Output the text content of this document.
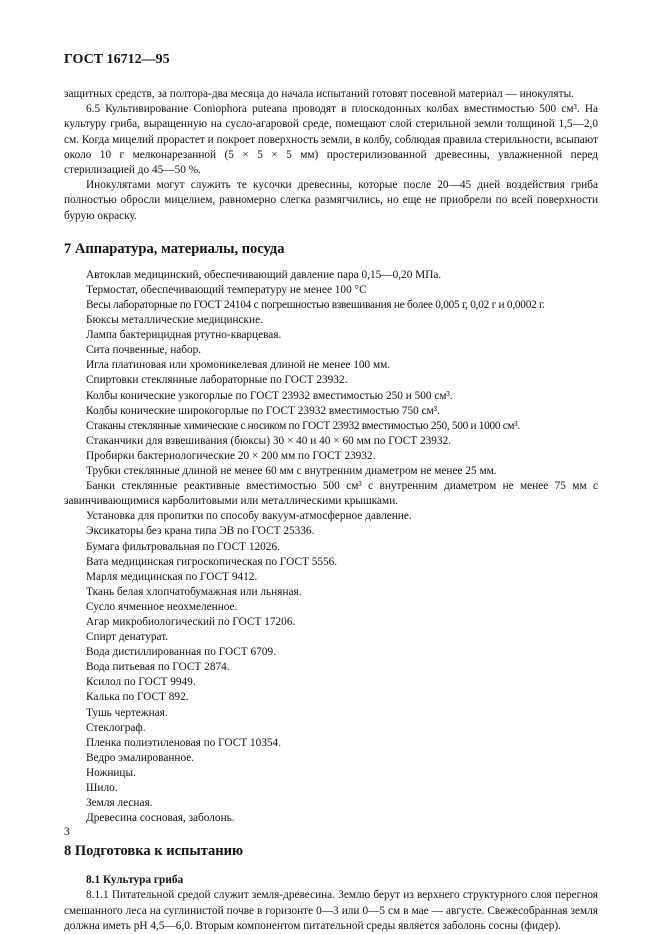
ГОСТ 16712—95

защитных средств, за полтора-два месяца до начала испытаний готовят посевной материал — инокуляты.

6.5 Культивирование Coniophora puteana проводят в плоскодонных колбах вместимостью 500 см³. На культуру гриба, выращенную на сусло-агаровой среде, помещают слой стерильной земли толщиной 1,5—2,0 см. Когда мицелий прорастет и покроет поверхность земли, в колбу, соблюдая правила стерильности, всыпают около 10 г мелконарезанной (5 × 5 × 5 мм) простерилизованной древесины, увлажненной перед стерилизацией до 45—50 %.

Инокулятами могут служить те кусочки древесины, которые после 20—45 дней воздействия гриба полностью обросли мицелием, равномерно слегка размягчились, но еще не приобрели по всей поверхности бурую окраску.

7 Аппаратура, материалы, посуда
Автоклав медицинский, обеспечивающий давление пара 0,15—0,20 МПа.
Термостат, обеспечивающий температуру не менее 100 °С
Весы лабораторные по ГОСТ 24104 с погрешностью взвешивания не более 0,005 г, 0,02 г и 0,0002 г.
Бюксы металлические медицинские.
Лампа бактерицидная ртутно-кварцевая.
Сита почвенные, набор.
Игла платиновая или хромоникелевая длиной не менее 100 мм.
Спиртовки стеклянные лабораторные по ГОСТ 23932.
Колбы конические узкогорлые по ГОСТ 23932 вместимостью 250 и 500 см³.
Колбы конические широкогорлые по ГОСТ 23932 вместимостью 750 см³.
Стаканы стеклянные химические с носиком по ГОСТ 23932 вместимостью 250, 500 и 1000 см³.
Стаканчики для взвешивания (бюксы) 30 × 40 и 40 × 60 мм по ГОСТ 23932.
Пробирки бактериологические 20 × 200 мм по ГОСТ 23932.
Трубки стеклянные длиной не менее 60 мм с внутренним диаметром не менее 25 мм.
Банки стеклянные реактивные вместимостью 500 см³ с внутренним диаметром не менее 75 мм с завинчивающимися карболитовыми или металлическими крышками.
Установка для пропитки по способу вакуум-атмосферное давление.
Эксикаторы без крана типа ЭВ по ГОСТ 25336.
Бумага фильтровальная по ГОСТ 12026.
Вата медицинская гигроскопическая по ГОСТ 5556.
Марля медицинская по ГОСТ 9412.
Ткань белая хлопчатобумажная или льняная.
Сусло ячменное неохмеленное.
Агар микробиологический по ГОСТ 17206.
Спирт денатурат.
Вода дистиллированная по ГОСТ 6709.
Вода питьевая по ГОСТ 2874.
Ксилол по ГОСТ 9949.
Калька по ГОСТ 892.
Тушь чертежная.
Стеклограф.
Пленка полиэтиленовая по ГОСТ 10354.
Ведро эмалированное.
Ножницы.
Шило.
Земля лесная.
Древесина сосновая, заболонь.
8 Подготовка к испытанию
8.1 Культура гриба

8.1.1 Питательной средой служит земля-древесина. Землю берут из верхнего структурного слоя перегноя смешанного леса на суглинистой почве в горизонте 0—3 или 0—5 см в мае — августе. Свежесобранная земля должна иметь рН 4,5—6,0. Вторым компонентом питательной среды является заболонь сосны (фидер).

3
